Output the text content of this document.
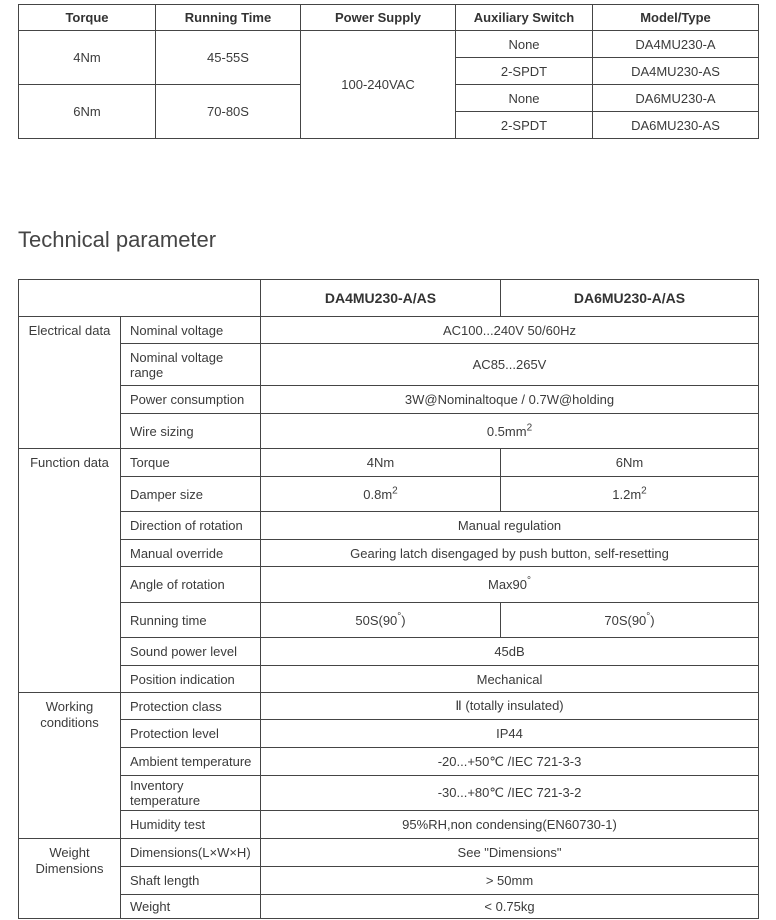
Torque	Running Time	Power Supply	Auxiliary Switch	Model/Type
4Nm	45-55S	100-240VAC	None	DA4MU230-A
			2-SPDT	DA4MU230-AS
6Nm	70-80S		None	DA6MU230-A
			2-SPDT	DA6MU230-AS
Technical parameter
		DA4MU230-A/AS	DA6MU230-A/AS
Electrical data	Nominal voltage	AC100...240V 50/60Hz	
	Nominal voltage range	AC85...265V	
	Power consumption	3W@Nominaltoque / 0.7W@holding	
	Wire sizing	$0.5mm^2$
Function data	Torque	4Nm	6Nm
	Damper size	$0.8m^2$	$1.2m^2$
	Direction of rotation	Manual regulation	
	Manual override	Gearing latch disengaged by push button, self-resetting	
	Angle of rotation	Max90°
	Running time	50S(90°)	70S(90°)
	Sound power level	45dB	
	Position indication	Mechanical	
Working conditions	Protection class	Ⅱ (totally insulated)	
	Protection level	IP44	
	Ambient temperature	-20...+50℃ /IEC 721-3-3	
	Inventory temperature	-30...+80℃ /IEC 721-3-2	
	Humidity test	95%RH,non condensing(EN60730-1)	
Weight Dimensions	Dimensions(L×W×H)	See "Dimensions"	
	Shaft length	> 50mm	
	Weight	< 0.75kg	
